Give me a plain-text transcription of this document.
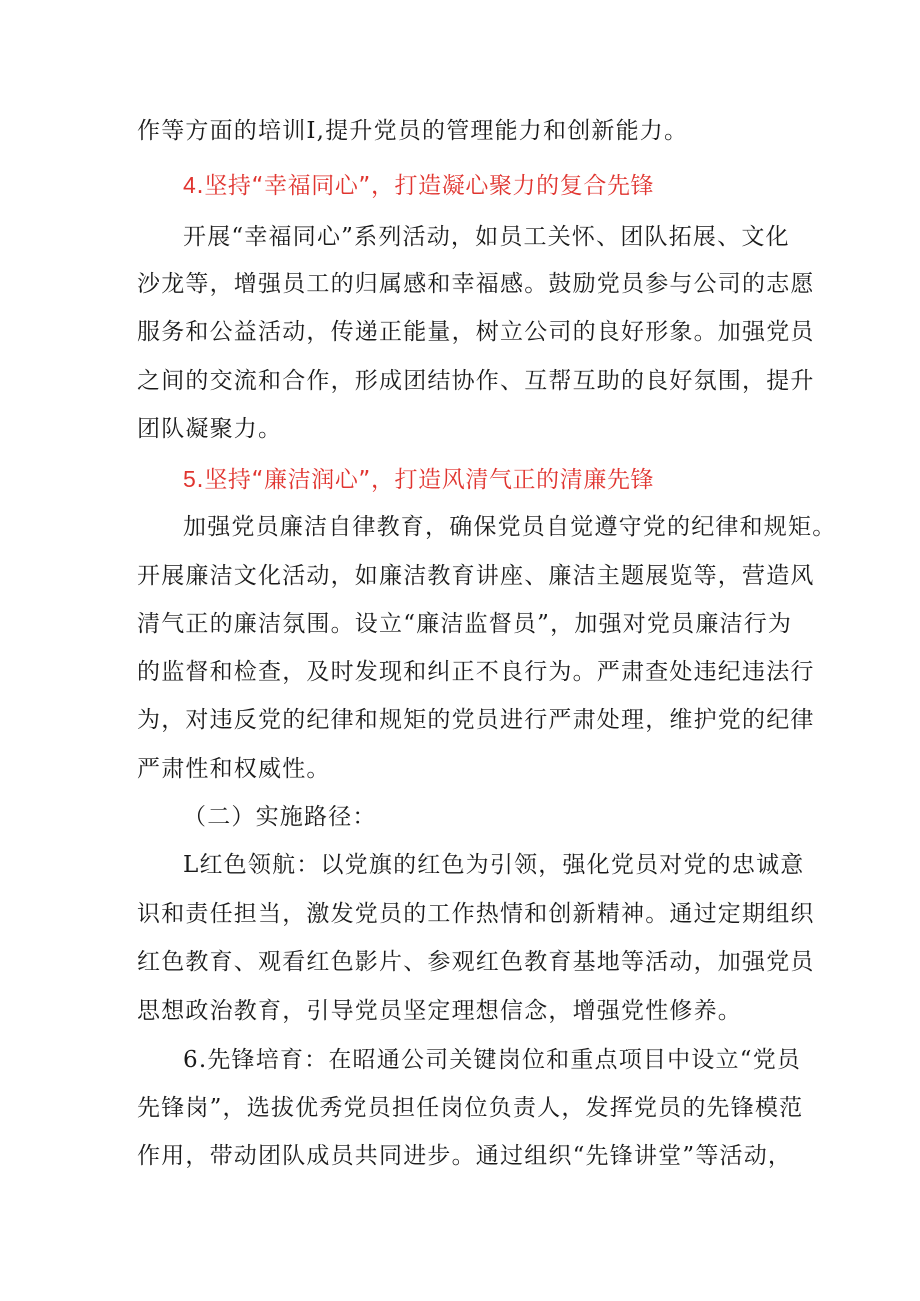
作等方面的培训I,提升党员的管理能力和创新能力。
4.坚持“幸福同心”，打造凝心聚力的复合先锋
开展“幸福同心”系列活动，如员工关怀、团队拓展、文化
沙龙等，增强员工的归属感和幸福感。鼓励党员参与公司的志愿
服务和公益活动，传递正能量，树立公司的良好形象。加强党员
之间的交流和合作，形成团结协作、互帮互助的良好氛围，提升
团队凝聚力。
5.坚持“廉洁润心”，打造风清气正的清廉先锋
加强党员廉洁自律教育，确保党员自觉遵守党的纪律和规矩。
开展廉洁文化活动，如廉洁教育讲座、廉洁主题展览等，营造风
清气正的廉洁氛围。设立“廉洁监督员”，加强对党员廉洁行为
的监督和检查，及时发现和纠正不良行为。严肃查处违纪违法行
为，对违反党的纪律和规矩的党员进行严肃处理，维护党的纪律
严肃性和权威性。
（二）实施路径：
L红色领航：以党旗的红色为引领，强化党员对党的忠诚意
识和责任担当，激发党员的工作热情和创新精神。通过定期组织
红色教育、观看红色影片、参观红色教育基地等活动，加强党员
思想政治教育，引导党员坚定理想信念，增强党性修养。
6.先锋培育：在昭通公司关键岗位和重点项目中设立“党员
先锋岗”，选拔优秀党员担任岗位负责人，发挥党员的先锋模范
作用，带动团队成员共同进步。通过组织“先锋讲堂”等活动，
